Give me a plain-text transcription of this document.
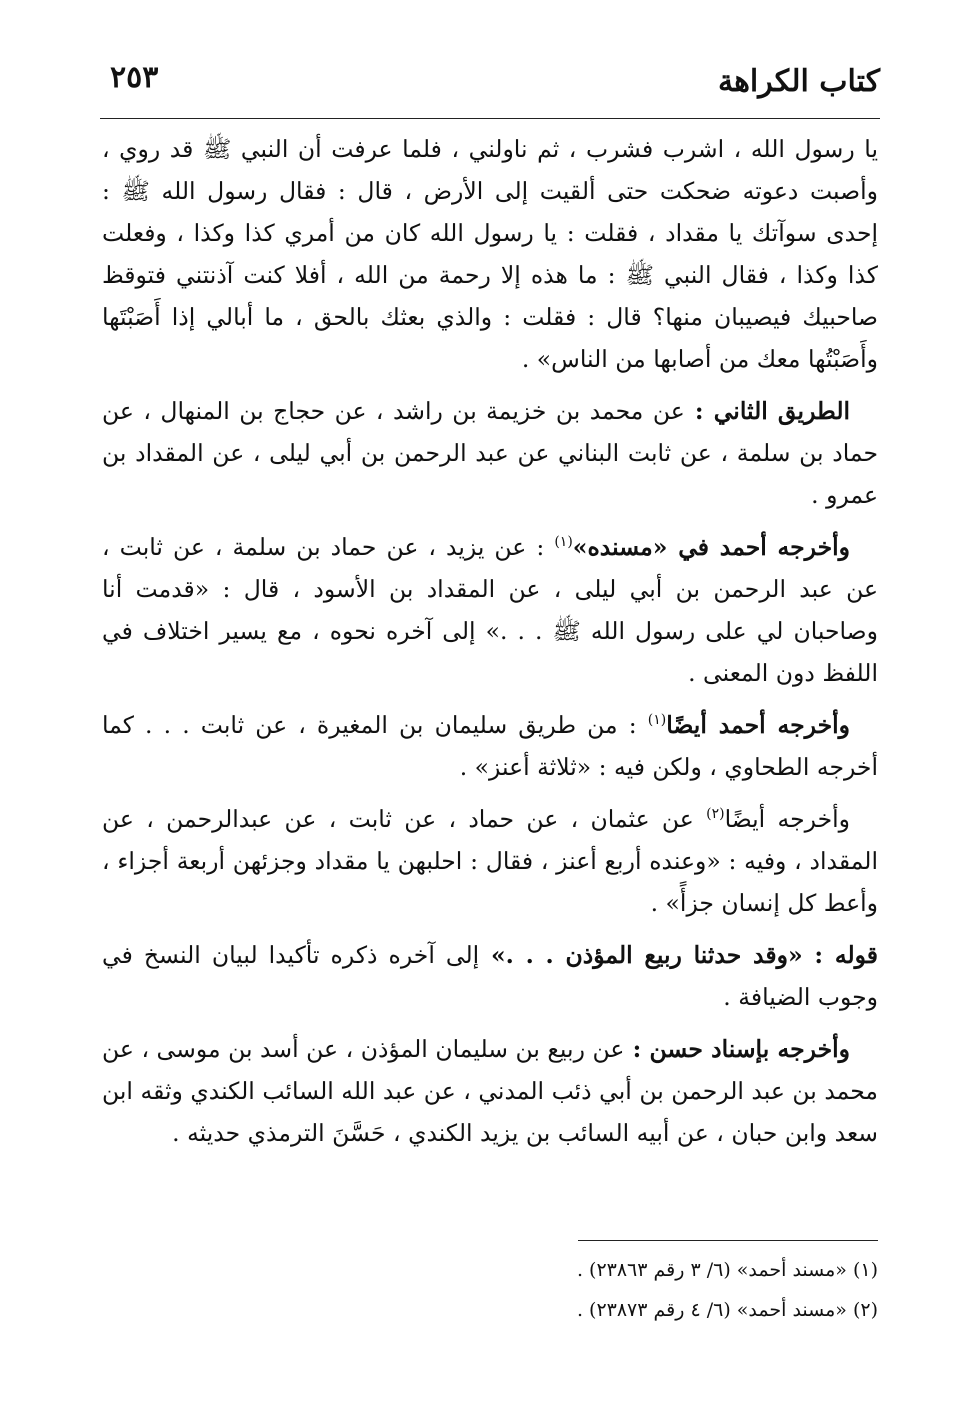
كتاب الكراهة
٢٥٣

يا رسول الله ، اشرب فشرب ، ثم ناولني ، فلما عرفت أن النبي ﷺ قد روي ، وأصبت دعوته ضحكت حتى ألقيت إلى الأرض ، قال : فقال رسول الله ﷺ : إحدى سوآتك يا مقداد ، فقلت : يا رسول الله كان من أمري كذا وكذا ، وفعلت كذا وكذا ، فقال النبي ﷺ : ما هذه إلا رحمة من الله ، أفلا كنت آذنتني فتوقظ صاحبيك فيصيبان منها؟ قال : فقلت : والذي بعثك بالحق ، ما أبالي إذا أَصَبْتَها وأَصَبْتُها معك من أصابها من الناس» .

الطريق الثاني : عن محمد بن خزيمة بن راشد ، عن حجاج بن المنهال ، عن حماد بن سلمة ، عن ثابت البناني عن عبد الرحمن بن أبي ليلى ، عن المقداد بن عمرو .

وأخرجه أحمد في «مسنده»$^{(١)}$ : عن يزيد ، عن حماد بن سلمة ، عن ثابت ، عن عبد الرحمن بن أبي ليلى ، عن المقداد بن الأسود ، قال : «قدمت أنا وصاحبان لي على رسول الله ﷺ . . .» إلى آخره نحوه ، مع يسير اختلاف في اللفظ دون المعنى .

وأخرجه أحمد أيضًا$^{(١)}$ : من طريق سليمان بن المغيرة ، عن ثابت . . . كما أخرجه الطحاوي ، ولكن فيه : «ثلاثة أعنز» .

وأخرجه أيضًا$^{(٢)}$ عن عثمان ، عن حماد ، عن ثابت ، عن عبدالرحمن ، عن المقداد ، وفيه : «وعنده أربع أعنز ، فقال : احلبهن يا مقداد وجزئهن أربعة أجزاء ، وأعط كل إنسان جزأً» .

قوله : «وقد حدثنا ربيع المؤذن . . .» إلى آخره ذكره تأكيدا لبيان النسخ في وجوب الضيافة .

وأخرجه بإسناد حسن : عن ربيع بن سليمان المؤذن ، عن أسد بن موسى ، عن محمد بن عبد الرحمن بن أبي ذئب المدني ، عن عبد الله السائب الكندي وثقه ابن سعد وابن حبان ، عن أبيه السائب بن يزيد الكندي ، حَسَّنَ الترمذي حديثه .

(١) «مسند أحمد» (٦/ ٣ رقم ٢٣٨٦٣) .

(٢) «مسند أحمد» (٦/ ٤ رقم ٢٣٨٧٣) .
